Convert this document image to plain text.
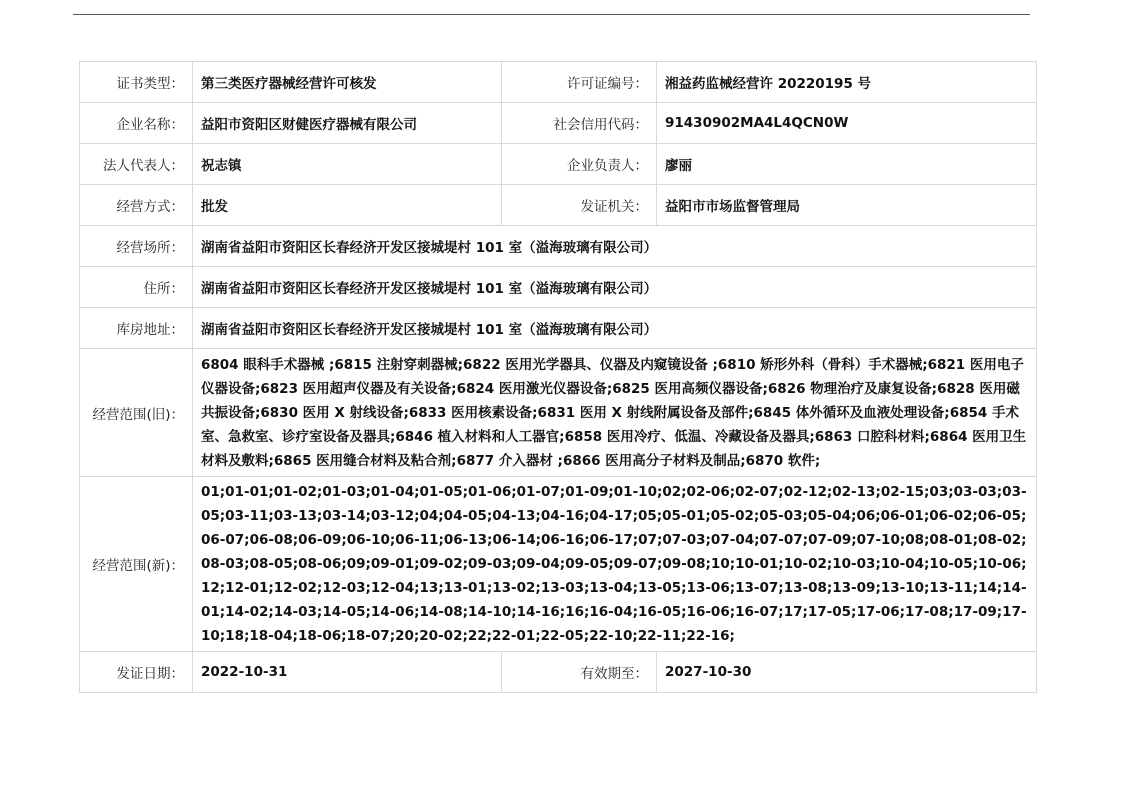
证书类型：	第三类医疗器械经营许可核发	许可证编号：	湘益药监械经营许 20220195 号
企业名称：	益阳市资阳区财健医疗器械有限公司	社会信用代码：	91430902MA4L4QCN0W
法人代表人：	祝志镇	企业负责人：	廖丽
经营方式：	批发	发证机关：	益阳市市场监督管理局
经营场所：	湖南省益阳市资阳区长春经济开发区接城堤村 101 室（溢海玻璃有限公司）		
住所：	湖南省益阳市资阳区长春经济开发区接城堤村 101 室（溢海玻璃有限公司）		
库房地址：	湖南省益阳市资阳区长春经济开发区接城堤村 101 室（溢海玻璃有限公司）		
经营范围(旧)：	6804 眼科手术器械 ;6815 注射穿刺器械;6822 医用光学器具、仪器及内窥镜设备 ;6810 矫形外科（骨科）手术器械;6821 医用电子仪器设备;6823 医用超声仪器及有关设备;6824 医用激光仪器设备;6825 医用高频仪器设备;6826 物理治疗及康复设备;6828 医用磁共振设备;6830 医用 X 射线设备;6833 医用核素设备;6831 医用 X 射线附属设备及部件;6845 体外循环及血液处理设备;6854 手术室、急救室、诊疗室设备及器具;6846 植入材料和人工器官;6858 医用冷疗、低温、冷藏设备及器具;6863 口腔科材料;6864 医用卫生材料及敷料;6865 医用缝合材料及粘合剂;6877 介入器材 ;6866 医用高分子材料及制品;6870 软件;		
经营范围(新)：	01;01-01;01-02;01-03;01-04;01-05;01-06;01-07;01-09;01-10;02;02-06;02-07;02-12;02-13;02-15;03;03-03;03-05;03-11;03-13;03-14;03-12;04;04-05;04-13;04-16;04-17;05;05-01;05-02;05-03;05-04;06;06-01;06-02;06-05;06-07;06-08;06-09;06-10;06-11;06-13;06-14;06-16;06-17;07;07-03;07-04;07-07;07-09;07-10;08;08-01;08-02;08-03;08-05;08-06;09;09-01;09-02;09-03;09-04;09-05;09-07;09-08;10;10-01;10-02;10-03;10-04;10-05;10-06;12;12-01;12-02;12-03;12-04;13;13-01;13-02;13-03;13-04;13-05;13-06;13-07;13-08;13-09;13-10;13-11;14;14-01;14-02;14-03;14-05;14-06;14-08;14-10;14-16;16;16-04;16-05;16-06;16-07;17;17-05;17-06;17-08;17-09;17-10;18;18-04;18-06;18-07;20;20-02;22;22-01;22-05;22-10;22-11;22-16;		
发证日期：	2022-10-31	有效期至：	2027-10-30
